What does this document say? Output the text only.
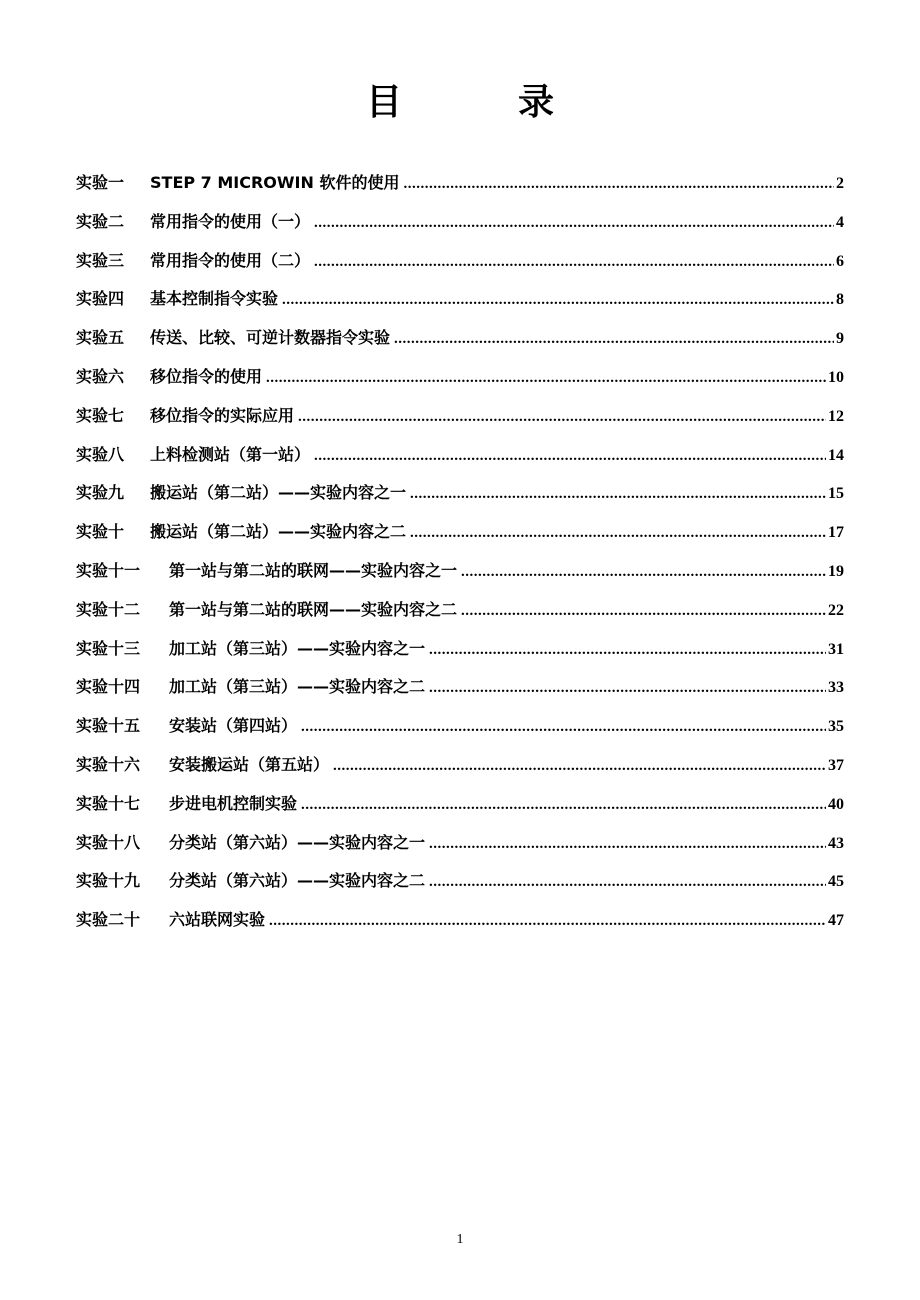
目　录
实验一	STEP 7 MICROWIN 软件的使用 .....	2
实验二	常用指令的使用（一） .....	4
实验三	常用指令的使用（二） .....	6
实验四	基本控制指令实验 .....	8
实验五	传送、比较、可逆计数器指令实验 .....	9
实验六	移位指令的使用 .....	10
实验七	移位指令的实际应用 .....	12
实验八	上料检测站（第一站） .....	14
实验九	搬运站（第二站）——实验内容之一 .....	15
实验十	搬运站（第二站）——实验内容之二 .....	17
实验十一	第一站与第二站的联网——实验内容之一 .....	19
实验十二	第一站与第二站的联网——实验内容之二 .....	22
实验十三	加工站（第三站）——实验内容之一 .....	31
实验十四	加工站（第三站）——实验内容之二 .....	33
实验十五	安装站（第四站） .....	35
实验十六	安装搬运站（第五站） .....	37
实验十七	步进电机控制实验 .....	40
实验十八	分类站（第六站）——实验内容之一 .....	43
实验十九	分类站（第六站）——实验内容之二 .....	45
实验二十	六站联网实验 .....	47
1
